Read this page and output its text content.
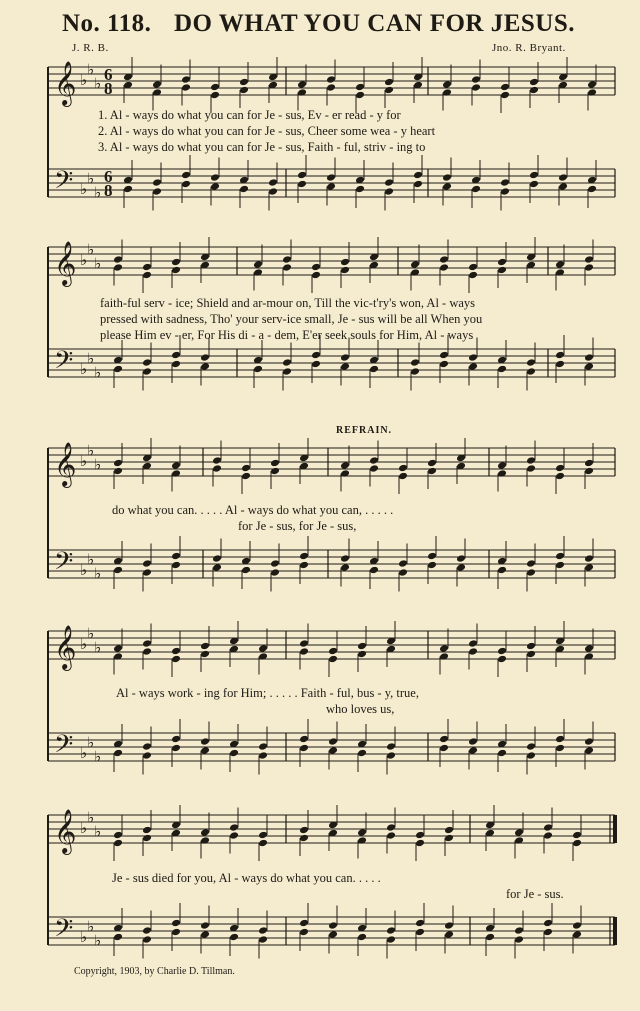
No. 118. DO WHAT YOU CAN FOR JESUS.
J. R. B.	Jno. R. Bryant.
𝄞 ♭
♭
♭ 6
8
𝄢 ♭
♭
♭
6
8
𝄞 ♭
♭
♭
𝄢 ♭
♭
♭
𝄞 ♭
♭
♭
𝄢 ♭
♭
♭
𝄞 ♭
♭
♭
𝄢 ♭
♭
♭
𝄞 ♭
♭
♭
𝄢 ♭
♭
♭
REFRAIN.
1. Al - ways do what you can for Je - sus, Ev - er read - y for
2. Al - ways do what you can for Je - sus, Cheer some wea - y heart
3. Al - ways do what you can for Je - sus, Faith - ful, striv - ing to
faith-ful serv - ice; Shield and ar-mour on, Till the vic-t'ry's won, Al - ways
pressed with sadness, Tho' your serv-ice small, Je - sus will be all When you
please Him ev - er, For His di - a - dem, E'er seek souls for Him, Al - ways
do what you can. . . . . Al - ways do what you can, . . . . .
for Je - sus, for Je - sus,
Al - ways work - ing for Him; . . . . . Faith - ful, bus - y, true,
who loves us,
Je - sus died for you, Al - ways do what you can. . . . .
for Je - sus.
Copyright, 1903, by Charlie D. Tillman.
